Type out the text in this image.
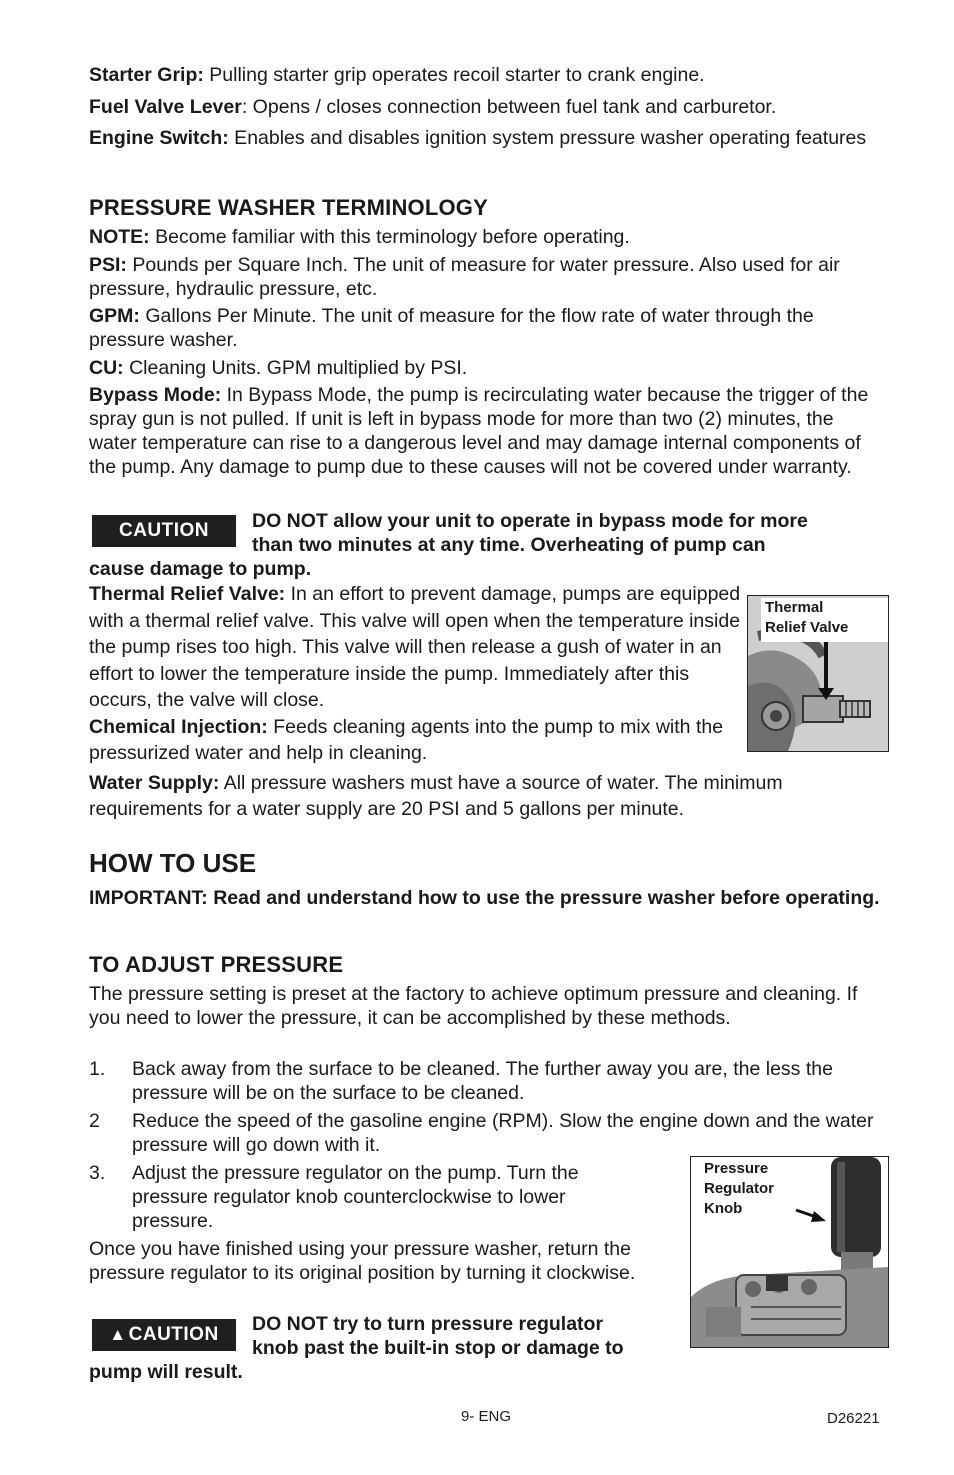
Starter Grip: Pulling starter grip operates recoil starter to crank engine.

Fuel Valve Lever: Opens / closes connection between fuel tank and carburetor.

Engine Switch: Enables and disables ignition system pressure washer operating features

PRESSURE WASHER TERMINOLOGY

NOTE: Become familiar with this terminology before operating.

PSI: Pounds per Square Inch. The unit of measure for water pressure. Also used for air pressure, hydraulic pressure, etc.

GPM: Gallons Per Minute. The unit of measure for the flow rate of water through the pressure washer.

CU: Cleaning Units. GPM multiplied by PSI.

Bypass Mode: In Bypass Mode, the pump is recirculating water because the trigger of the spray gun is not pulled. If unit is left in bypass mode for more than two (2) minutes, the water temperature can rise to a dangerous level and may damage internal components of the pump. Any damage to pump due to these causes will not be covered under warranty.

CAUTION	DO NOT allow your unit to operate in bypass mode for more
than two minutes at any time. Overheating of pump can
cause damage to pump.

Thermal Relief Valve: In an effort to prevent damage, pumps are equipped with a thermal relief valve. This valve will open when the temperature inside the pump rises too high. This valve will then release a gush of water in an effort to lower the temperature inside the pump. Immediately after this occurs, the valve will close.

Chemical Injection: Feeds cleaning agents into the pump to mix with the pressurized water and help in cleaning.

Thermal
Relief Valve

Water Supply: All pressure washers must have a source of water. The minimum requirements for a water supply are 20 PSI and 5 gallons per minute.

HOW TO USE

IMPORTANT: Read and understand how to use the pressure washer before operating.

TO ADJUST PRESSURE

The pressure setting is preset at the factory to achieve optimum pressure and cleaning. If you need to lower the pressure, it can be accomplished by these methods.

1. Back away from the surface to be cleaned. The further away you are, the less the pressure will be on the surface to be cleaned.
2 Reduce the speed of the gasoline engine (RPM). Slow the engine down and the water pressure will go down with it.
3. Adjust the pressure regulator on the pump. Turn the pressure regulator knob counterclockwise to lower pressure.

Once you have finished using your pressure washer, return the pressure regulator to its original position by turning it clockwise.

Pressure
Regulator
Knob
▲ CAUTION DO NOT try to turn pressure regulator
knob past the built-in stop or damage to
pump will result.
9- ENG	D26221
